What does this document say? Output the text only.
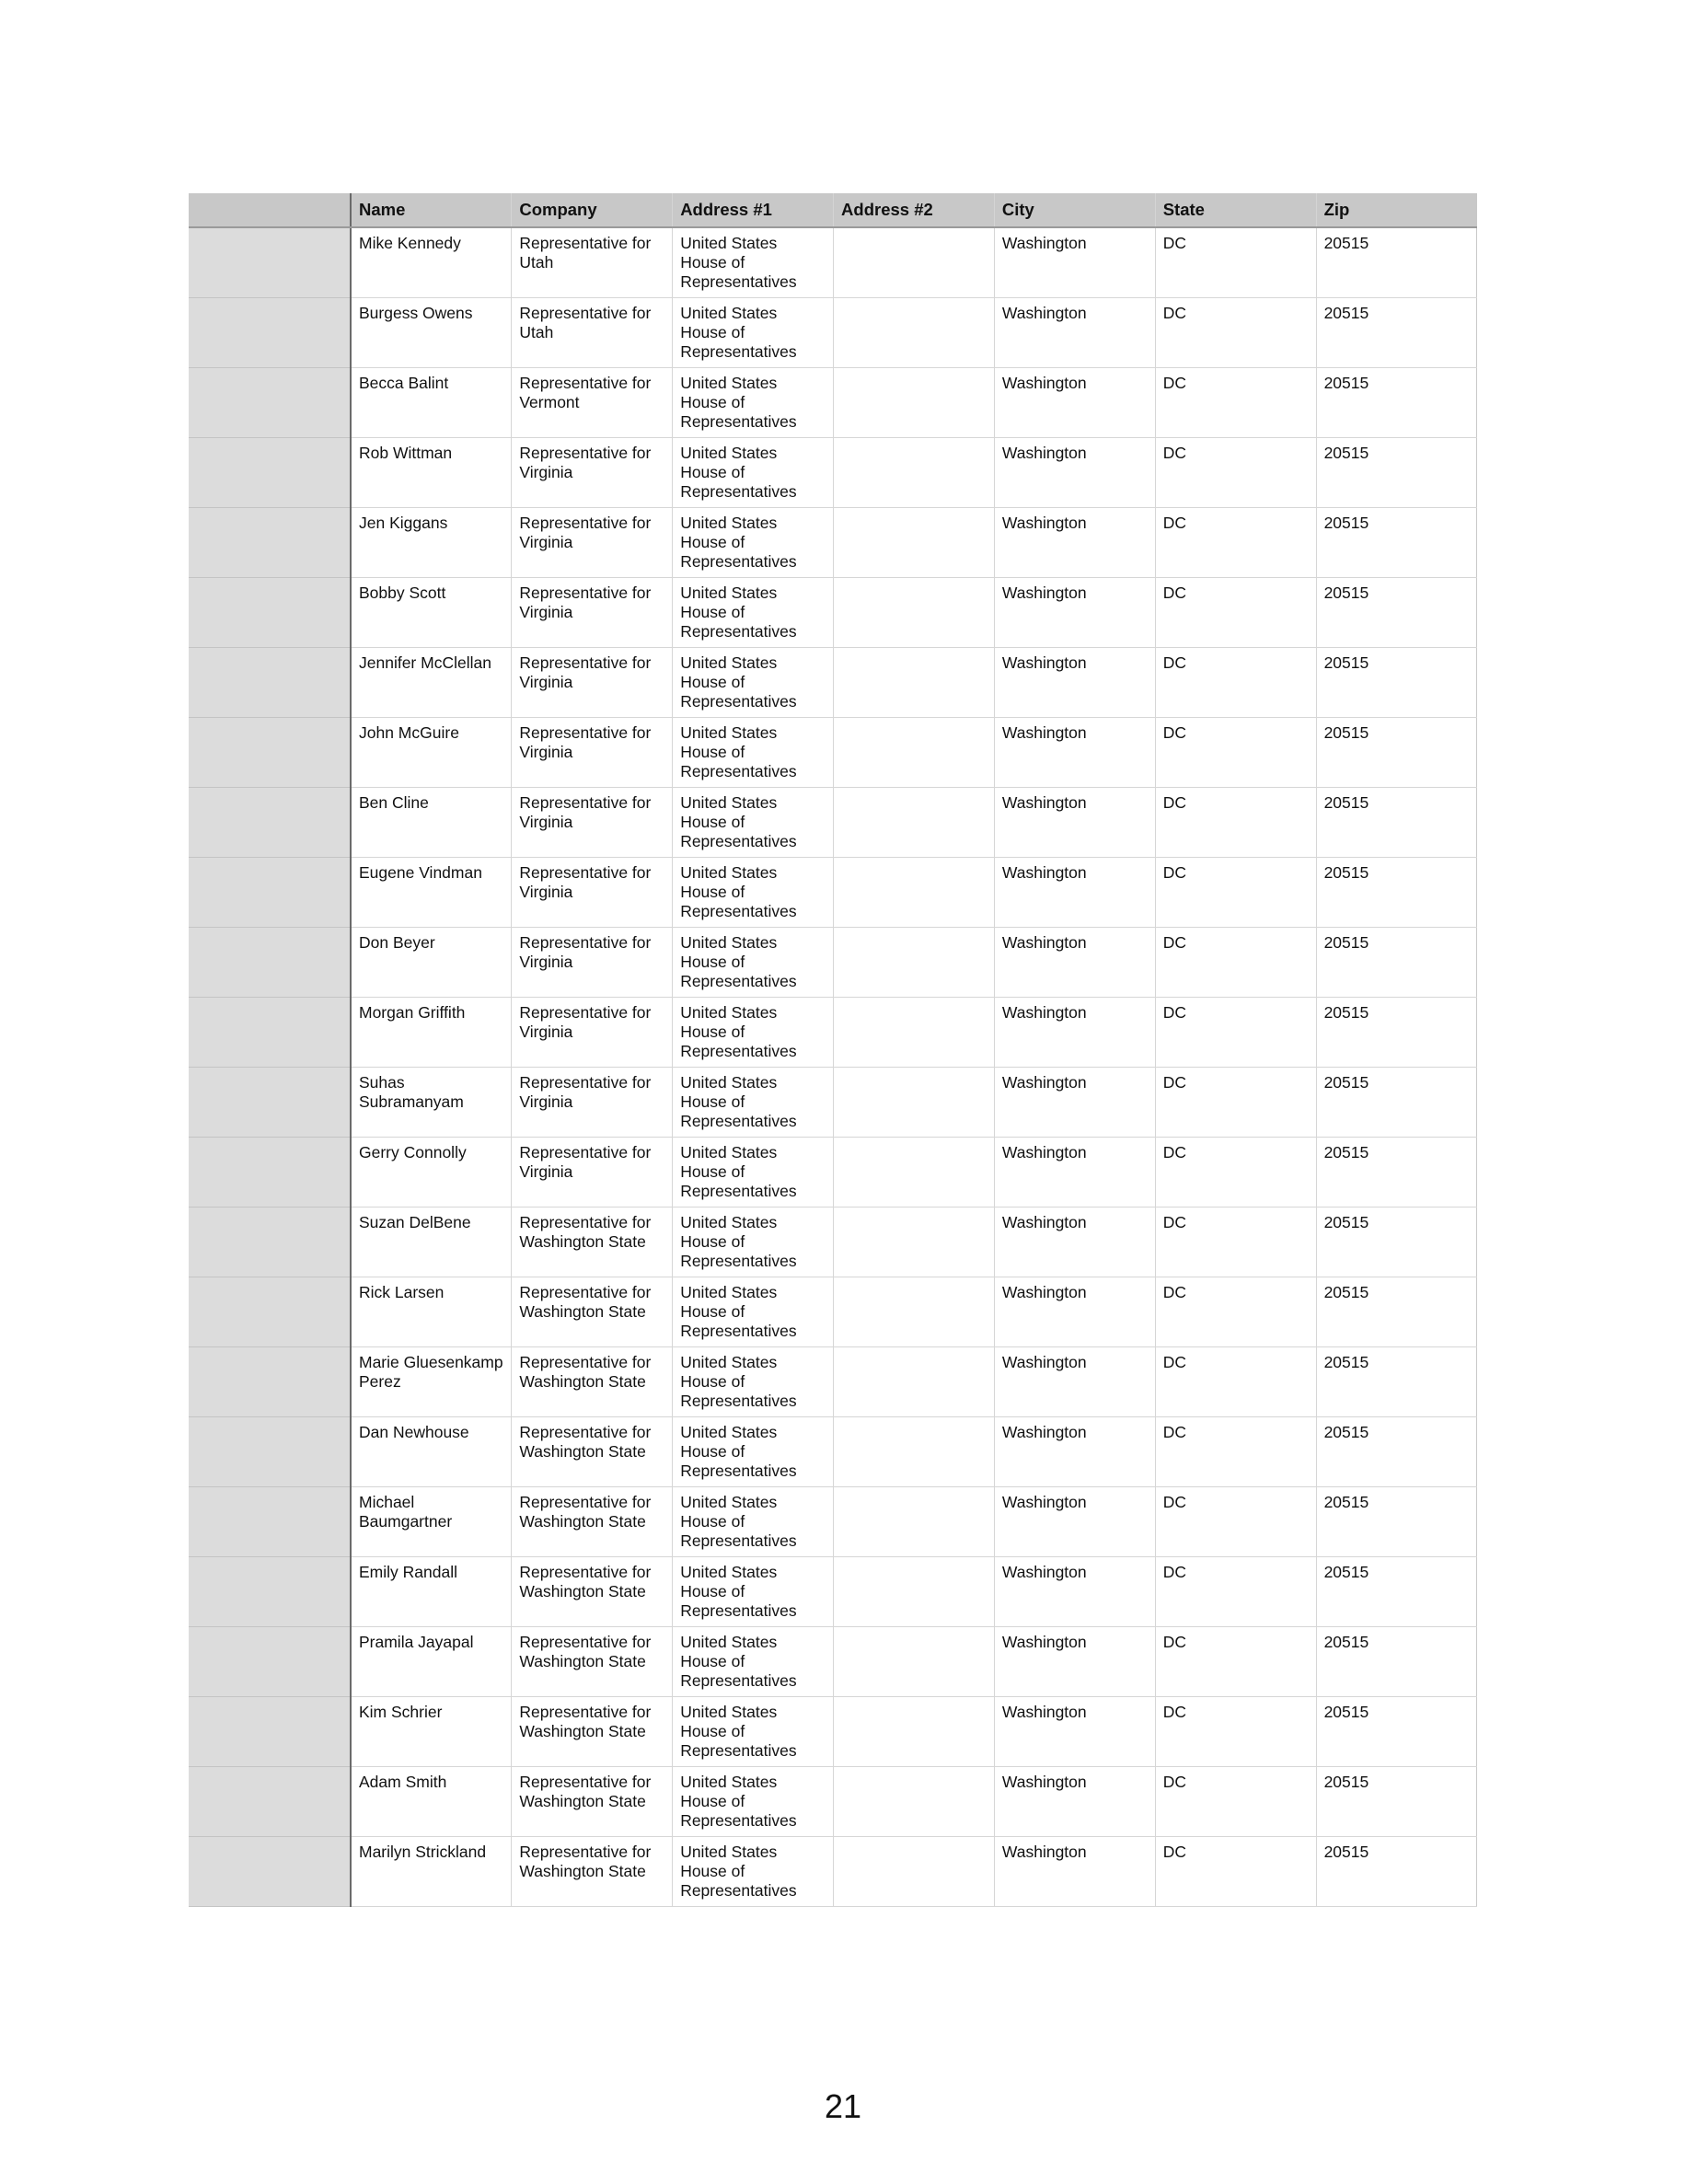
	Name	Company	Address #1	Address #2	City	State	Zip
	Mike Kennedy	Representative for Utah	United States House of Representatives		Washington	DC	20515
	Burgess Owens	Representative for Utah	United States House of Representatives		Washington	DC	20515
	Becca Balint	Representative for Vermont	United States House of Representatives		Washington	DC	20515
	Rob Wittman	Representative for Virginia	United States House of Representatives		Washington	DC	20515
	Jen Kiggans	Representative for Virginia	United States House of Representatives		Washington	DC	20515
	Bobby Scott	Representative for Virginia	United States House of Representatives		Washington	DC	20515
	Jennifer McClellan	Representative for Virginia	United States House of Representatives		Washington	DC	20515
	John McGuire	Representative for Virginia	United States House of Representatives		Washington	DC	20515
	Ben Cline	Representative for Virginia	United States House of Representatives		Washington	DC	20515
	Eugene Vindman	Representative for Virginia	United States House of Representatives		Washington	DC	20515
	Don Beyer	Representative for Virginia	United States House of Representatives		Washington	DC	20515
	Morgan Griffith	Representative for Virginia	United States House of Representatives		Washington	DC	20515
	Suhas Subramanyam	Representative for Virginia	United States House of Representatives		Washington	DC	20515
	Gerry Connolly	Representative for Virginia	United States House of Representatives		Washington	DC	20515
	Suzan DelBene	Representative for Washington State	United States House of Representatives		Washington	DC	20515
	Rick Larsen	Representative for Washington State	United States House of Representatives		Washington	DC	20515
	Marie Gluesenkamp Perez	Representative for Washington State	United States House of Representatives		Washington	DC	20515
	Dan Newhouse	Representative for Washington State	United States House of Representatives		Washington	DC	20515
	Michael Baumgartner	Representative for Washington State	United States House of Representatives		Washington	DC	20515
	Emily Randall	Representative for Washington State	United States House of Representatives		Washington	DC	20515
	Pramila Jayapal	Representative for Washington State	United States House of Representatives		Washington	DC	20515
	Kim Schrier	Representative for Washington State	United States House of Representatives		Washington	DC	20515
	Adam Smith	Representative for Washington State	United States House of Representatives		Washington	DC	20515
	Marilyn Strickland	Representative for Washington State	United States House of Representatives		Washington	DC	20515
21
